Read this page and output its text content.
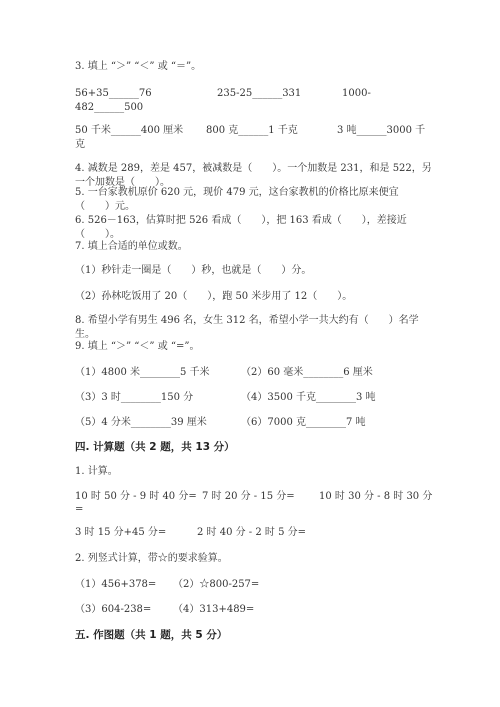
3. 填上 “＞” “＜” 或 “＝”。
56+35______76	235-25______331	1000-
482______500
50 千米______400 厘米 800 克______1 千克	3 吨______3000 千
克
4. 减数是 289，差是 457，被减数是（　　）。一个加数是 231，和是 522，另
一个加数是（　　）。
5. 一台家教机原价 620 元，现价 479 元，这台家教机的价格比原来便宜
（　　）元。
6. 526－163，估算时把 526 看成（　　），把 163 看成（　　），差接近
（　　）。
7. 填上合适的单位或数。
（1）秒针走一圈是（　　）秒，也就是（　　）分。
（2）孙林吃饭用了 20（　　），跑 50 米步用了 12（　　）。
8. 希望小学有男生 496 名，女生 312 名，希望小学一共大约有（　　）名学
生。
9. 填上 “＞” “＜” 或 “=”。
（1）4800 米________5 千米	（2）60 毫米________6 厘米
（3）3 时________150 分	（4）3500 千克________3 吨
（5）4 分米________39 厘米	（6）7000 克________7 吨
四. 计算题（共 2 题，共 13 分）
1. 计算。
10 时 50 分 - 9 时 40 分= 7 时 20 分 - 15 分= 10 时 30 分 - 8 时 30 分
=
3 时 15 分+45 分=	2 时 40 分 - 2 时 5 分=
2. 列竖式计算，带☆的要求验算。
（1）456+378= （2）☆800-257=
（3）604-238= （4）313+489=
五. 作图题（共 1 题，共 5 分）
